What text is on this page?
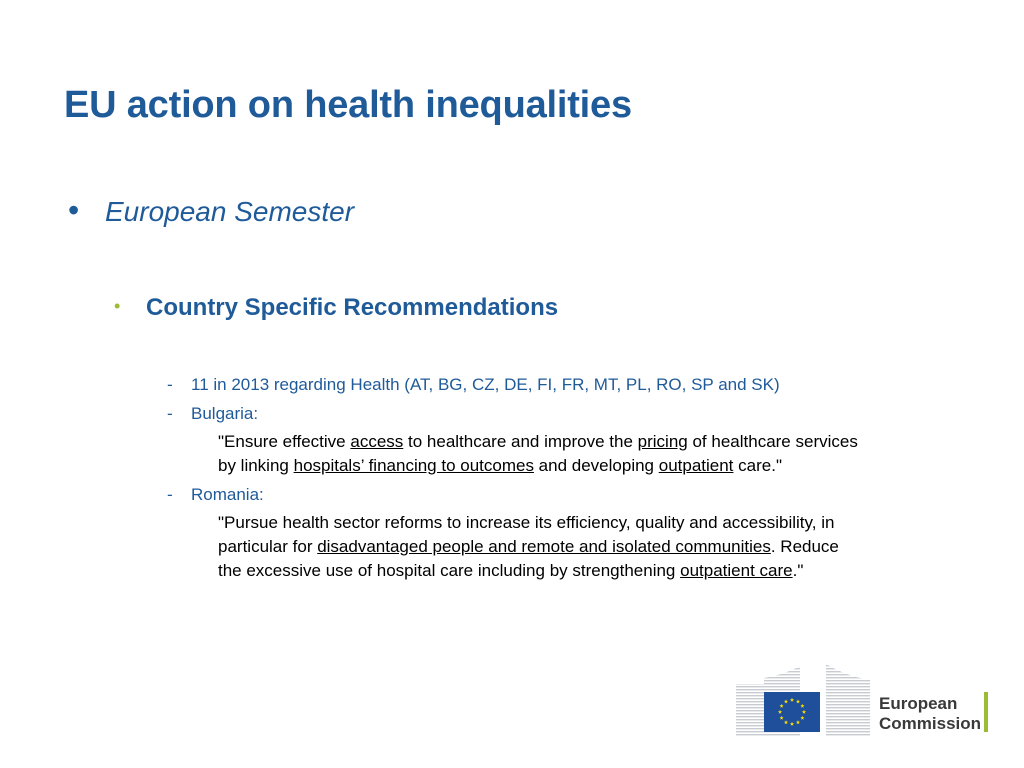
EU action on health inequalities
• European Semester
• Country Specific Recommendations
- 11 in 2013 regarding Health (AT, BG, CZ, DE, FI, FR, MT, PL, RO, SP and SK)
- Bulgaria:

"Ensure effective access to healthcare and improve the pricing of healthcare services

by linking hospitals’ financing to outcomes and developing outpatient care."

- Romania:

"Pursue health sector reforms to increase its efficiency, quality and accessibility, in

particular for disadvantaged people and remote and isolated communities. Reduce

the excessive use of hospital care including by strengthening outpatient care."

European
Commission
